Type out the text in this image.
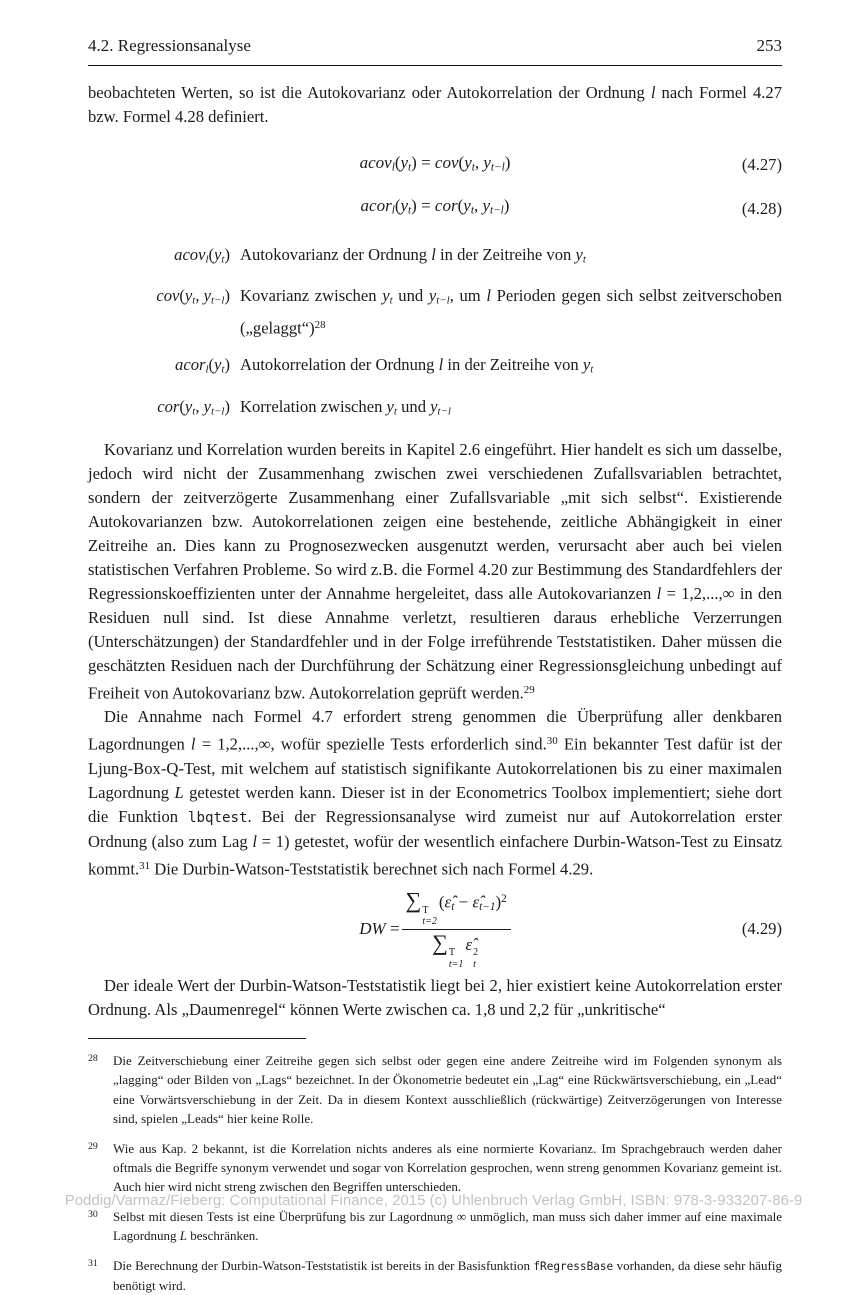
4.2. Regressionsanalyse	253

beobachteten Werten, so ist die Autokovarianz oder Autokorrelation der Ordnung l nach Formel 4.27 bzw. Formel 4.28 definiert.

acovl(yt) = cov(yt, yt−l)	(4.27)
acorl(yt) = cor(yt, yt−l)	(4.28)
acovl(yt) Autokovarianz der Ordnung l in der Zeitreihe von yt
cov(yt, yt−l) Kovarianz zwischen yt und yt−l, um l Perioden gegen sich selbst zeitverschoben („gelaggt“)$^{28}$
acorl(yt) Autokorrelation der Ordnung l in der Zeitreihe von yt
cor(yt, yt−l) Korrelation zwischen yt und yt−l

Kovarianz und Korrelation wurden bereits in Kapitel 2.6 eingeführt. Hier handelt es sich um dasselbe, jedoch wird nicht der Zusammenhang zwischen zwei verschiedenen Zufallsvariablen betrachtet, sondern der zeitverzögerte Zusammenhang einer Zufallsvariable „mit sich selbst“. Existierende Autokovarianzen bzw. Autokorrelationen zeigen eine bestehende, zeitliche Abhängigkeit in einer Zeitreihe an. Dies kann zu Prognosezwecken ausgenutzt werden, verursacht aber auch bei vielen statistischen Verfahren Probleme. So wird z.B. die Formel 4.20 zur Bestimmung des Standardfehlers der Regressionskoeffizienten unter der Annahme hergeleitet, dass alle Autokovarianzen l = 1,2,...,∞ in den Residuen null sind. Ist diese Annahme verletzt, resultieren daraus erhebliche Verzerrungen (Unterschätzungen) der Standardfehler und in der Folge irreführende Teststatistiken. Daher müssen die geschätzten Residuen nach der Durchführung der Schätzung einer Regressionsgleichung unbedingt auf Freiheit von Autokovarianz bzw. Autokorrelation geprüft werden.$^{29}$

Die Annahme nach Formel 4.7 erfordert streng genommen die Überprüfung aller denkbaren Lagordnungen l = 1,2,...,∞, wofür spezielle Tests erforderlich sind.$^{30}$ Ein bekannter Test dafür ist der Ljung-Box-Q-Test, mit welchem auf statistisch signifikante Autokorrelationen bis zu einer maximalen Lagordnung L getestet werden kann. Dieser ist in der Econometrics Toolbox implementiert; siehe dort die Funktion lbqtest. Bei der Regressionsanalyse wird zumeist nur auf Autokorrelation erster Ordnung (also zum Lag l = 1) getestet, wofür der wesentlich einfachere Durbin-Watson-Test zu Einsatz kommt.$^{31}$ Die Durbin-Watson-Teststatistik berechnet sich nach Formel 4.29.

DW = ∑ T
t=2
(ε̂t − ε̂t−1)$^2$
∑ T
t=1
ε̂ 2
t	(4.29)

Der ideale Wert der Durbin-Watson-Teststatistik liegt bei 2, hier existiert keine Autokorrelation erster Ordnung. Als „Daumenregel“ können Werte zwischen ca. 1,8 und 2,2 für „unkritische“

28	Die Zeitverschiebung einer Zeitreihe gegen sich selbst oder gegen eine andere Zeitreihe wird im Folgenden synonym als „lagging“ oder Bilden von „Lags“ bezeichnet. In der Ökonometrie bedeutet ein „Lag“ eine Rückwärtsverschiebung, ein „Lead“ eine Vorwärtsverschiebung in der Zeit. Da in diesem Kontext ausschließlich (rückwärtige) Zeitverzögerungen von Interesse sind, spielen „Leads“ hier keine Rolle.
29	Wie aus Kap. 2 bekannt, ist die Korrelation nichts anderes als eine normierte Kovarianz. Im Sprachgebrauch werden daher oftmals die Begriffe synonym verwendet und sogar von Korrelation gesprochen, wenn streng genommen Kovarianz gemeint ist. Auch hier wird nicht streng zwischen den Begriffen unterschieden.
30	Selbst mit diesen Tests ist eine Überprüfung bis zur Lagordnung ∞ unmöglich, man muss sich daher immer auf eine maximale Lagordnung L beschränken.
31	Die Berechnung der Durbin-Watson-Teststatistik ist bereits in der Basisfunktion fRegressBase vorhanden, da diese sehr häufig benötigt wird.
Poddig/Varmaz/Fieberg: Computational Finance, 2015 (c) Uhlenbruch Verlag GmbH, ISBN: 978-3-933207-86-9
